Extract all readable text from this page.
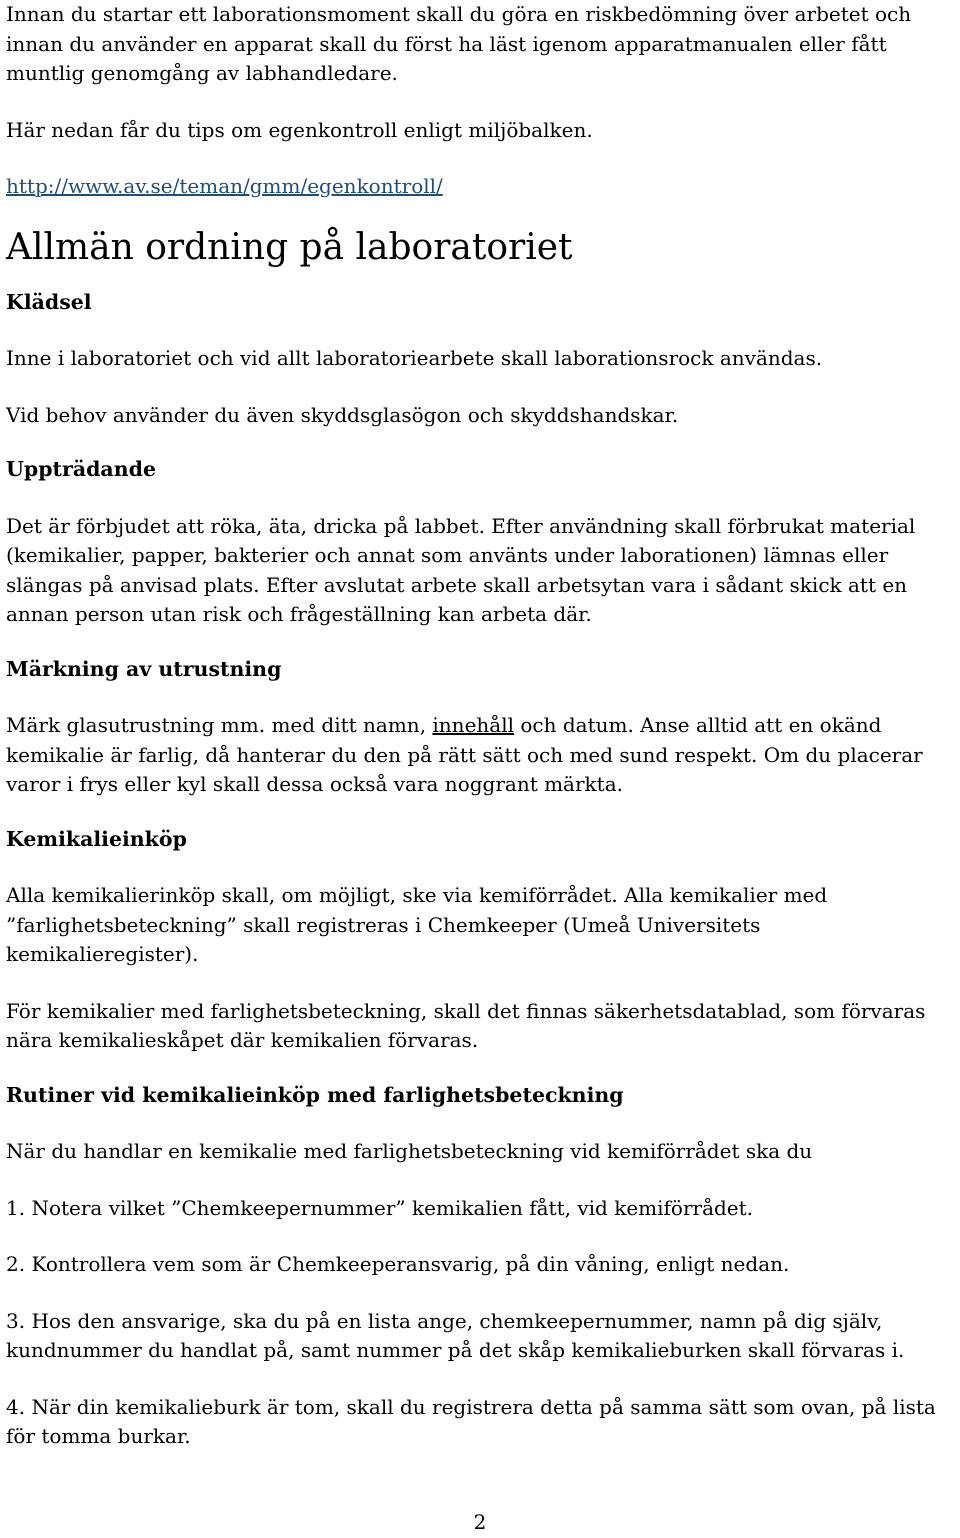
Innan du startar ett laborationsmoment skall du göra en riskbedömning över arbetet och innan du använder en apparat skall du först ha läst igenom apparatmanualen eller fått muntlig genomgång av labhandledare.

Här nedan får du tips om egenkontroll enligt miljöbalken.

http://www.av.se/teman/gmm/egenkontroll/

Allmän ordning på laboratoriet
Klädsel

Inne i laboratoriet och vid allt laboratoriearbete skall laborationsrock användas.

Vid behov använder du även skyddsglasögon och skyddshandskar.

Uppträdande

Det är förbjudet att röka, äta, dricka på labbet. Efter användning skall förbrukat material (kemikalier, papper, bakterier och annat som använts under laborationen) lämnas eller slängas på anvisad plats. Efter avslutat arbete skall arbetsytan vara i sådant skick att en annan person utan risk och frågeställning kan arbeta där.

Märkning av utrustning

Märk glasutrustning mm. med ditt namn, innehåll och datum. Anse alltid att en okänd kemikalie är farlig, då hanterar du den på rätt sätt och med sund respekt. Om du placerar varor i frys eller kyl skall dessa också vara noggrant märkta.

Kemikalieinköp

Alla kemikalierinköp skall, om möjligt, ske via kemiförrådet. Alla kemikalier med ”farlighetsbeteckning” skall registreras i Chemkeeper (Umeå Universitets kemikalieregister).

För kemikalier med farlighetsbeteckning, skall det finnas säkerhetsdatablad, som förvaras nära kemikalieskåpet där kemikalien förvaras.

Rutiner vid kemikalieinköp med farlighetsbeteckning

När du handlar en kemikalie med farlighetsbeteckning vid kemiförrådet ska du

1. Notera vilket ”Chemkeepernummer” kemikalien fått, vid kemiförrådet.

2. Kontrollera vem som är Chemkeeperansvarig, på din våning, enligt nedan.

3. Hos den ansvarige, ska du på en lista ange, chemkeepernummer, namn på dig själv, kundnummer du handlat på, samt nummer på det skåp kemikalieburken skall förvaras i.

4. När din kemikalieburk är tom, skall du registrera detta på samma sätt som ovan, på lista för tomma burkar.

2
